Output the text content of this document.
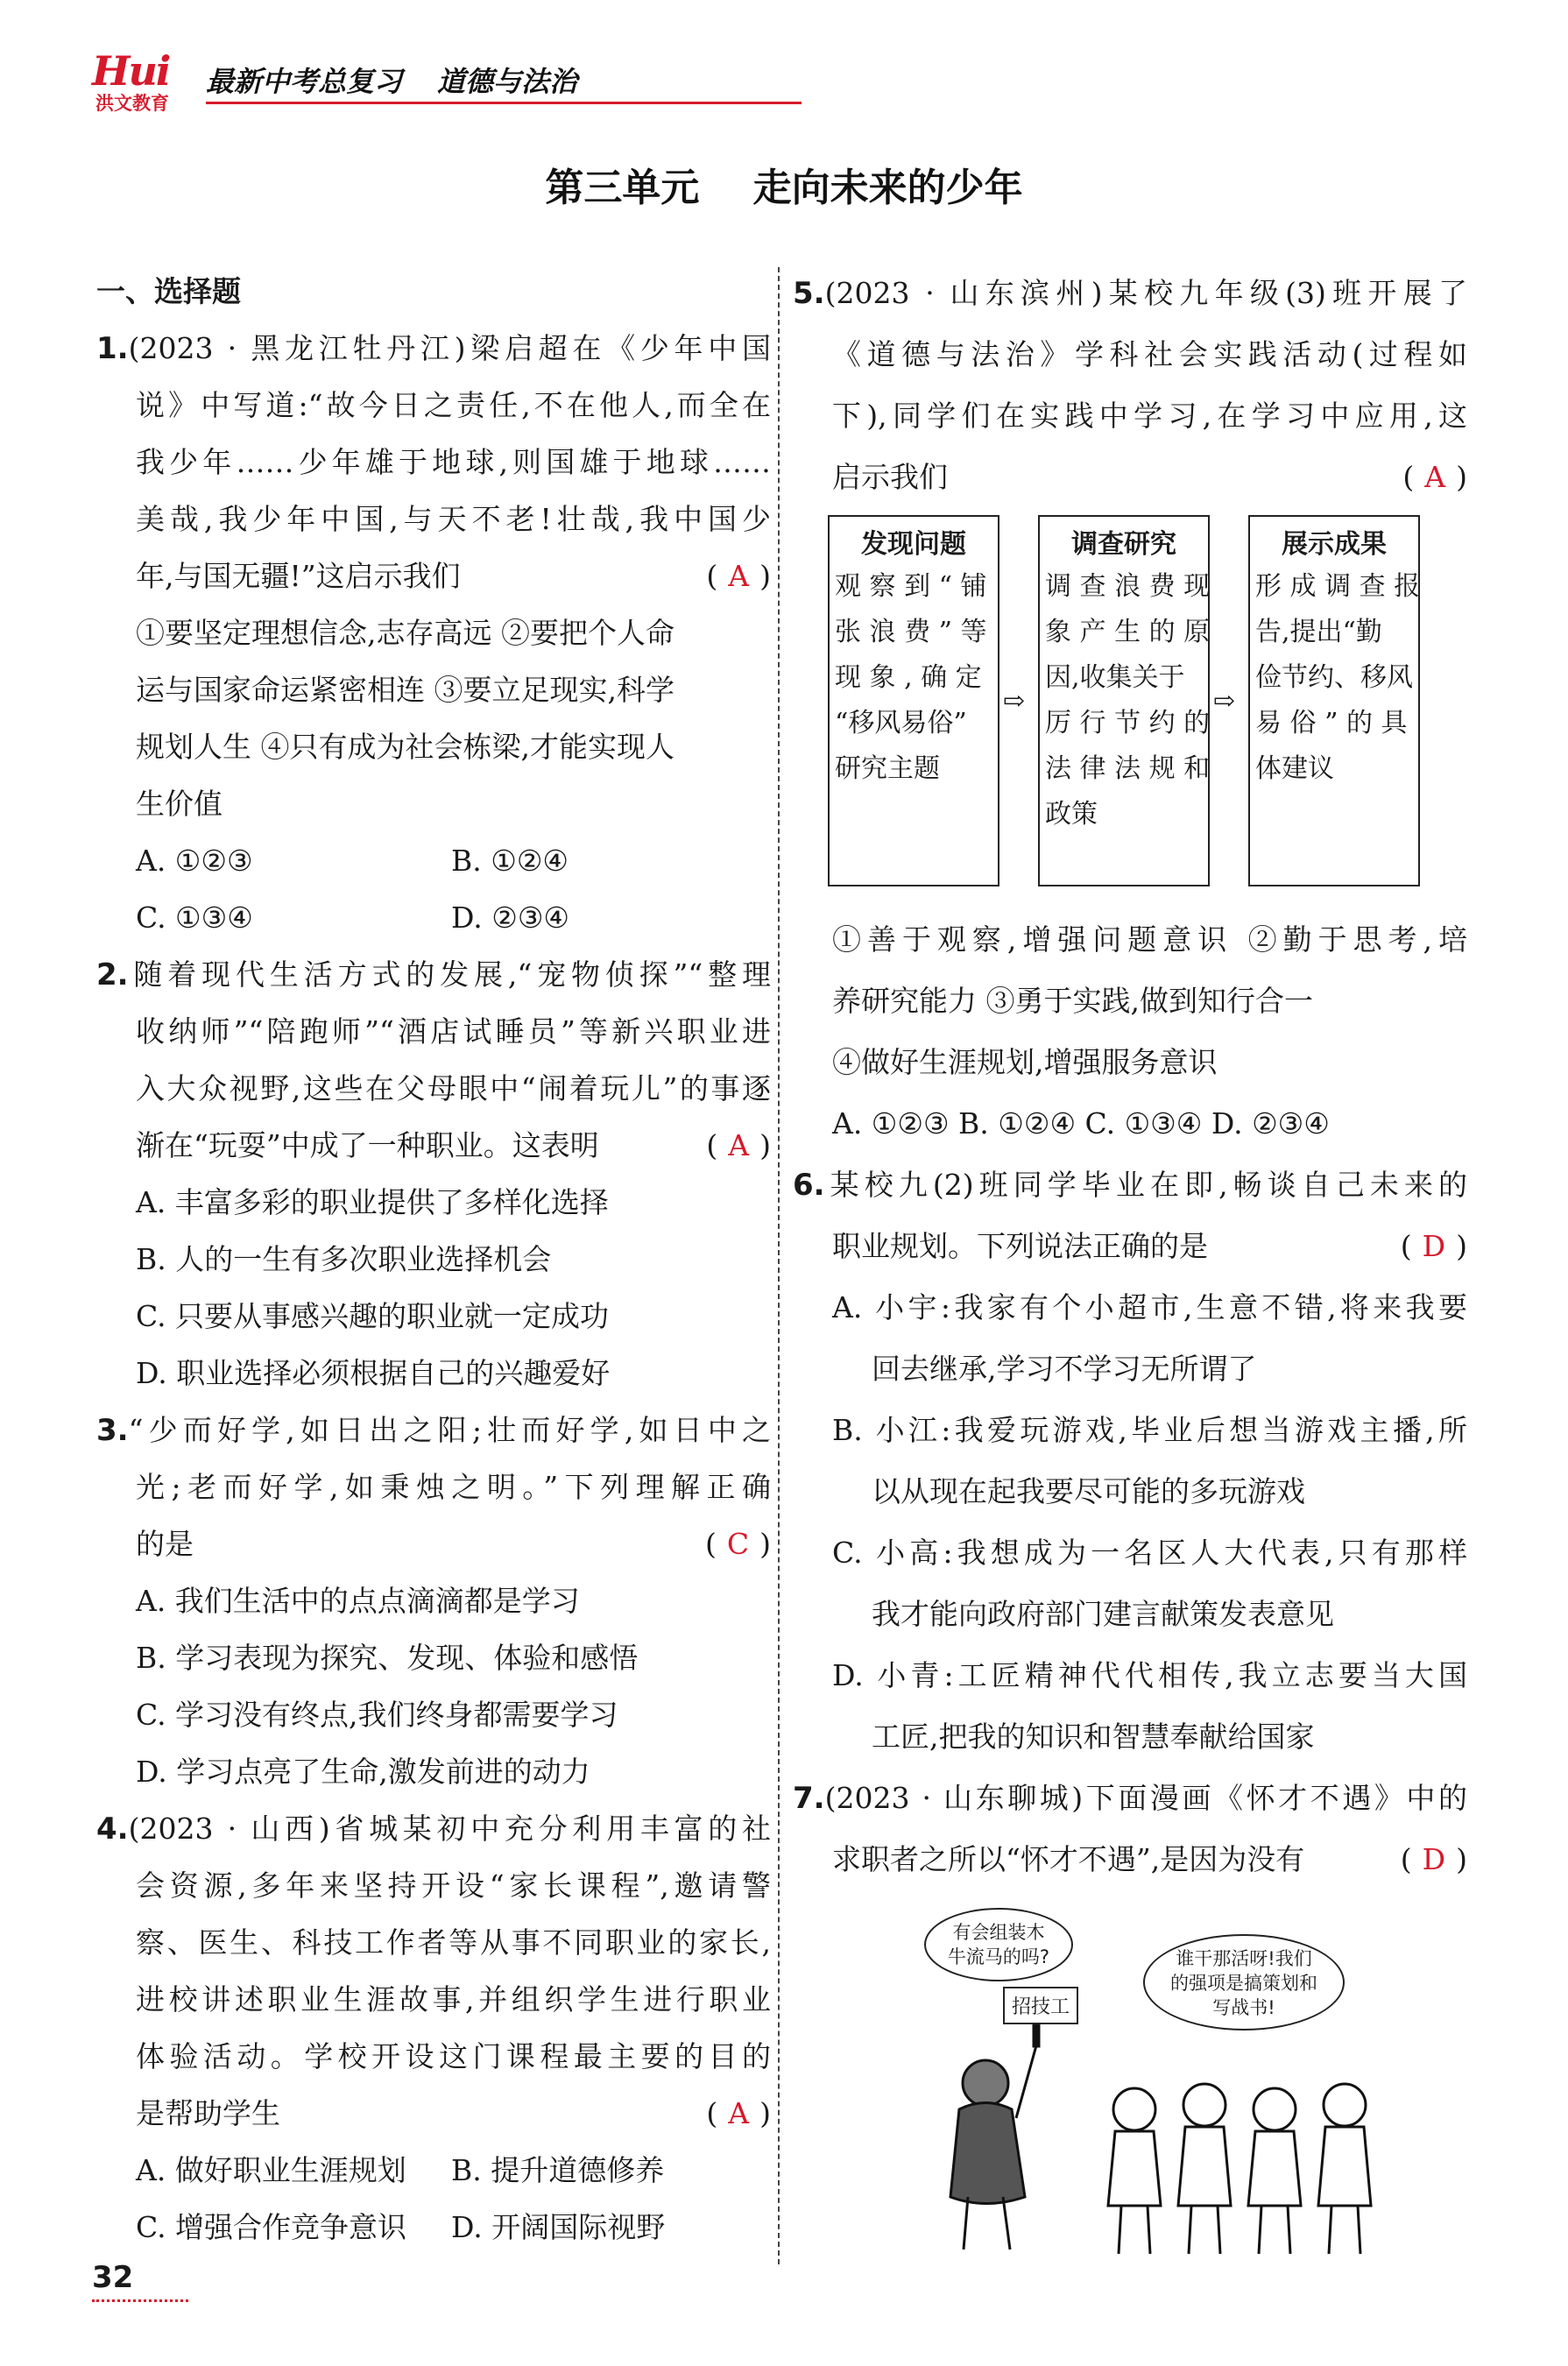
Hui
洪文教育
最新中考总复习 道德与法治
第三单元    走向未来的少年
一、选择题
1.(2023 · 黑龙江牡丹江)梁启超在《少年中国
说》中写道:“故今日之责任,不在他人,而全在
我少年……少年雄于地球,则国雄于地球……
美哉,我少年中国,与天不老!壮哉,我中国少
年,与国无疆!”这启示我们	( A )
①要坚定理想信念,志存高远 ②要把个人命
运与国家命运紧密相连 ③要立足现实,科学
规划人生 ④只有成为社会栋梁,才能实现人
生价值
A. ①②③	B. ①②④
C. ①③④	D. ②③④
2.随着现代生活方式的发展,“宠物侦探”“整理
收纳师”“陪跑师”“酒店试睡员”等新兴职业进
入大众视野,这些在父母眼中“闹着玩儿”的事逐
渐在“玩耍”中成了一种职业。这表明	( A )
A. 丰富多彩的职业提供了多样化选择
B. 人的一生有多次职业选择机会
C. 只要从事感兴趣的职业就一定成功
D. 职业选择必须根据自己的兴趣爱好
3.“少而好学,如日出之阳;壮而好学,如日中之
光;老而好学,如秉烛之明。”下列理解正确
的是	( C )
A. 我们生活中的点点滴滴都是学习
B. 学习表现为探究、发现、体验和感悟
C. 学习没有终点,我们终身都需要学习
D. 学习点亮了生命,激发前进的动力
4.(2023 · 山西)省城某初中充分利用丰富的社
会资源,多年来坚持开设“家长课程”,邀请警
察、医生、科技工作者等从事不同职业的家长,
进校讲述职业生涯故事,并组织学生进行职业
体验活动。学校开设这门课程最主要的目的
是帮助学生	( A )
A. 做好职业生涯规划 B. 提升道德修养
C. 增强合作竞争意识 D. 开阔国际视野
5.(2023 · 山东滨州)某校九年级(3)班开展了
《道德与法治》学科社会实践活动(过程如
下),同学们在实践中学习,在学习中应用,这
启示我们	( A )
发现问题
观 察 到 “ 铺
张 浪 费 ” 等
现 象 , 确 定
“移风易俗”
研究主题
⇨
调查研究
调 查 浪 费 现
象 产 生 的 原
因,收集关于
厉 行 节 约 的
法 律 法 规 和
政策
⇨
展示成果
形 成 调 查 报
告,提出“勤
俭节约、移风
易 俗 ” 的 具
体建议
①善于观察,增强问题意识 ②勤于思考,培
养研究能力 ③勇于实践,做到知行合一
④做好生涯规划,增强服务意识
A. ①②③ B. ①②④ C. ①③④ D. ②③④
6.某校九(2)班同学毕业在即,畅谈自己未来的
职业规划。下列说法正确的是	( D )
A. 小宇:我家有个小超市,生意不错,将来我要
回去继承,学习不学习无所谓了
B. 小江:我爱玩游戏,毕业后想当游戏主播,所
以从现在起我要尽可能的多玩游戏
C. 小高:我想成为一名区人大代表,只有那样
我才能向政府部门建言献策发表意见
D. 小青:工匠精神代代相传,我立志要当大国
工匠,把我的知识和智慧奉献给国家
7.(2023 · 山东聊城)下面漫画《怀才不遇》中的
求职者之所以“怀才不遇”,是因为没有	( D )
有会组装木
牛流马的吗?
招技工
谁干那活呀!我们
的强项是搞策划和
写战书!
32
